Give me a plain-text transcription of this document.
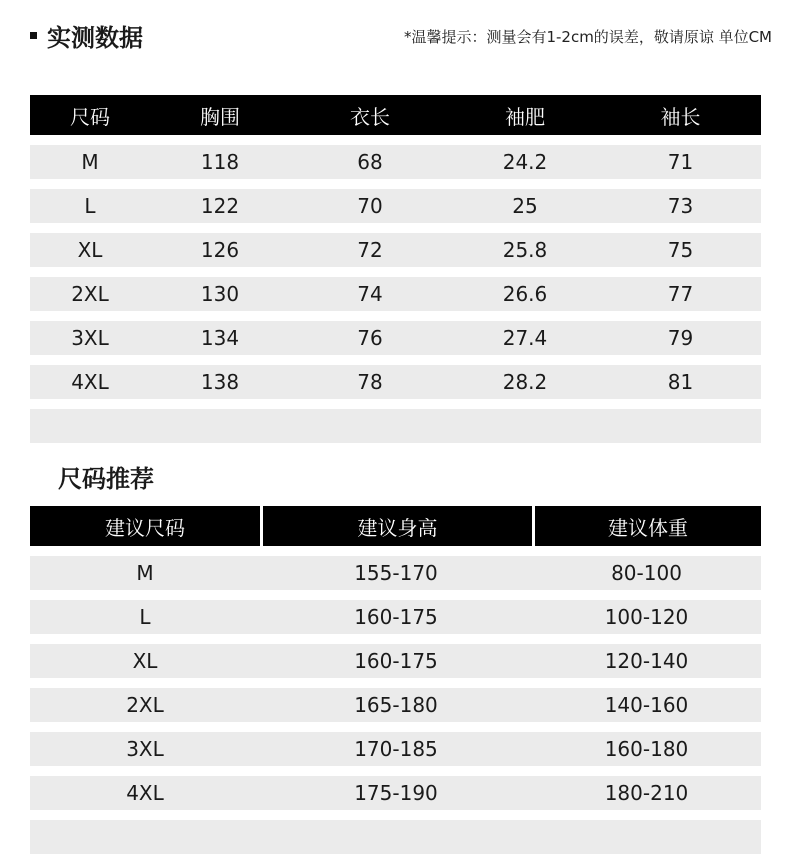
实测数据	*温馨提示：测量会有1-2cm的误差，敬请原谅 单位CM
尺码	胸围	衣长	袖肥	袖长
M	118	68	24.2	71
L	122	70	25	73
XL	126	72	25.8	75
2XL	130	74	26.6	77
3XL	134	76	27.4	79
4XL	138	78	28.2	81

尺码推荐
建议尺码	建议身高	建议体重
M	155-170	80-100
L	160-175	100-120
XL	160-175	120-140
2XL	165-180	140-160
3XL	170-185	160-180
4XL	175-190	180-210
